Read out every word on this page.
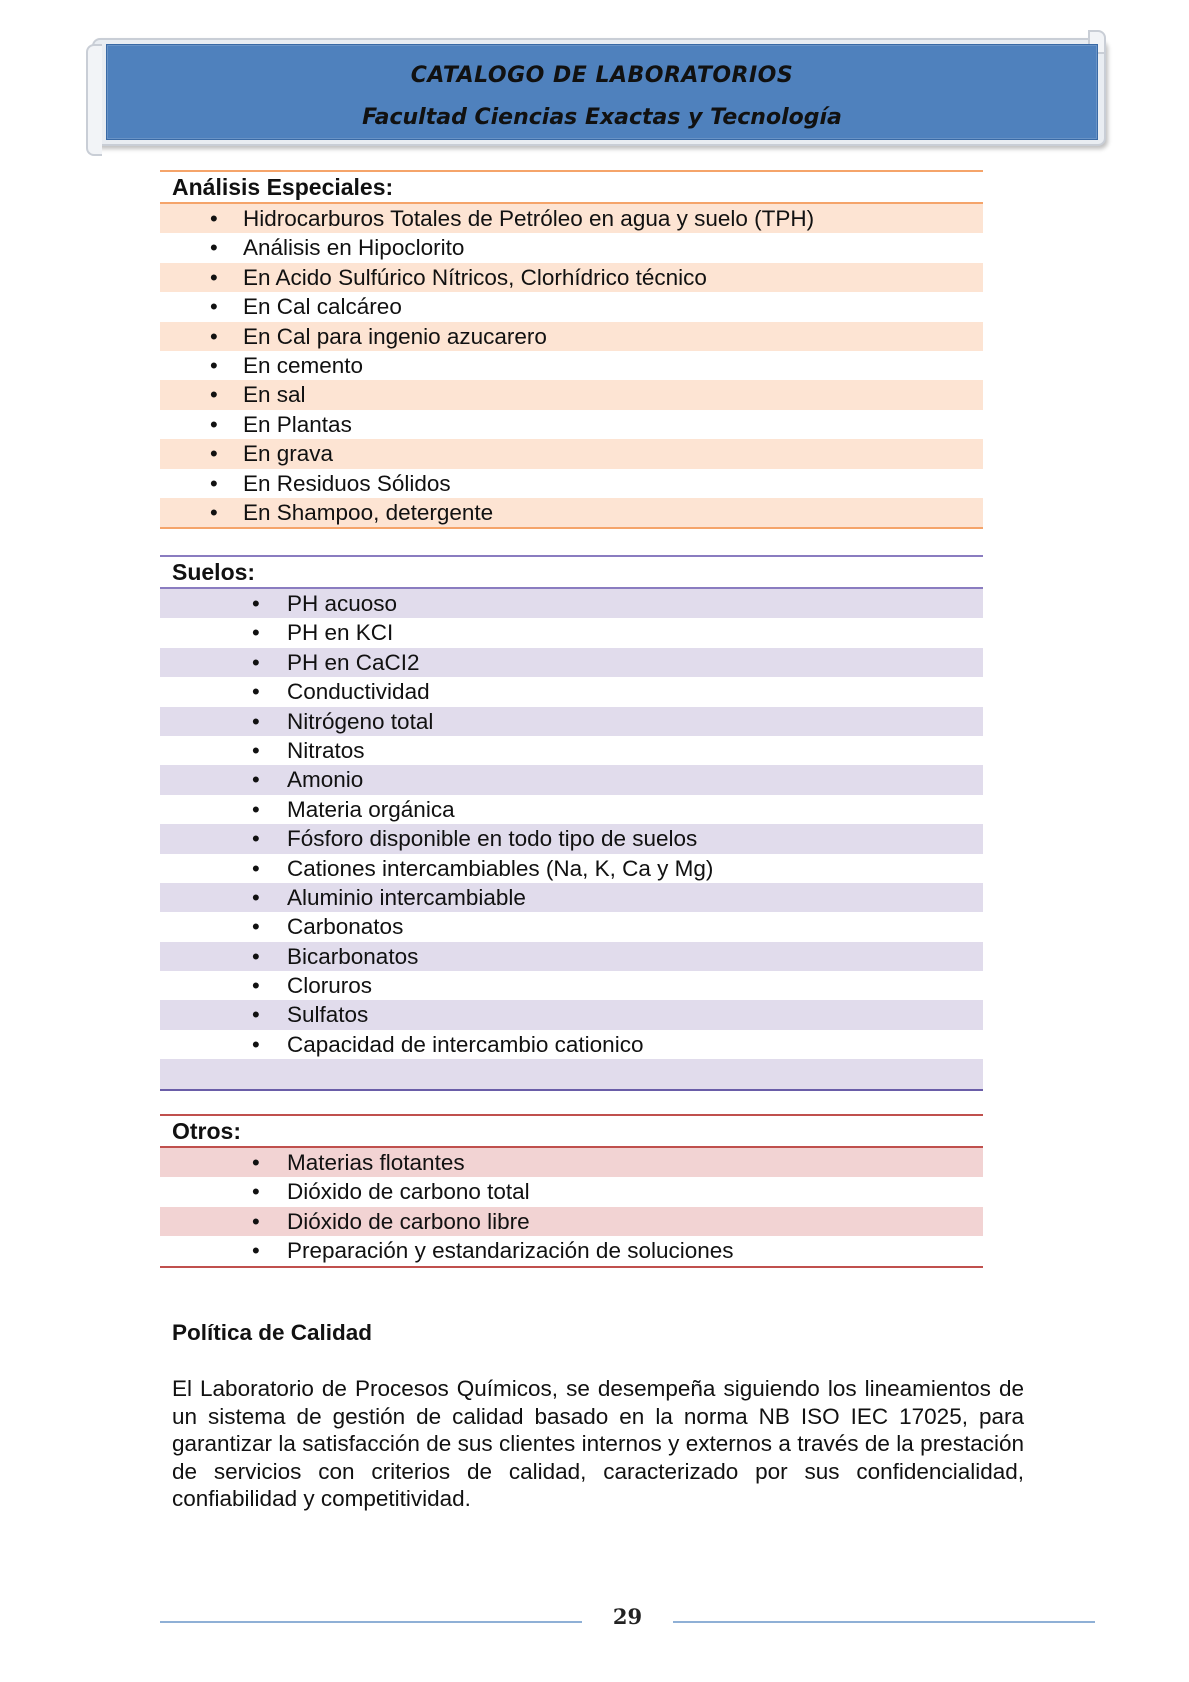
CATALOGO DE LABORATORIOS
Facultad Ciencias Exactas y Tecnología
Análisis Especiales:
• Hidrocarburos Totales de Petróleo en agua y suelo (TPH)
• Análisis en Hipoclorito
• En Acido Sulfúrico Nítricos, Clorhídrico técnico
• En Cal calcáreo
• En Cal para ingenio azucarero
• En cemento
• En sal
• En Plantas
• En grava
• En Residuos Sólidos
• En Shampoo, detergente
Suelos:
• PH acuoso
• PH en KCI
• PH en CaCI2
• Conductividad
• Nitrógeno total
• Nitratos
• Amonio
• Materia orgánica
• Fósforo disponible en todo tipo de suelos
• Cationes intercambiables (Na, K, Ca y Mg)
• Aluminio intercambiable
• Carbonatos
• Bicarbonatos
• Cloruros
• Sulfatos
• Capacidad de intercambio cationico
Otros:
• Materias flotantes
• Dióxido de carbono total
• Dióxido de carbono libre
• Preparación y estandarización de soluciones
Política de Calidad
El Laboratorio de Procesos Químicos, se desempeña siguiendo los lineamientos de un sistema de gestión de calidad basado en la norma NB ISO IEC 17025, para garantizar la satisfacción de sus clientes internos y externos a través de la prestación de servicios con criterios de calidad, caracterizado por sus confidencialidad, confiabilidad y competitividad.
29
